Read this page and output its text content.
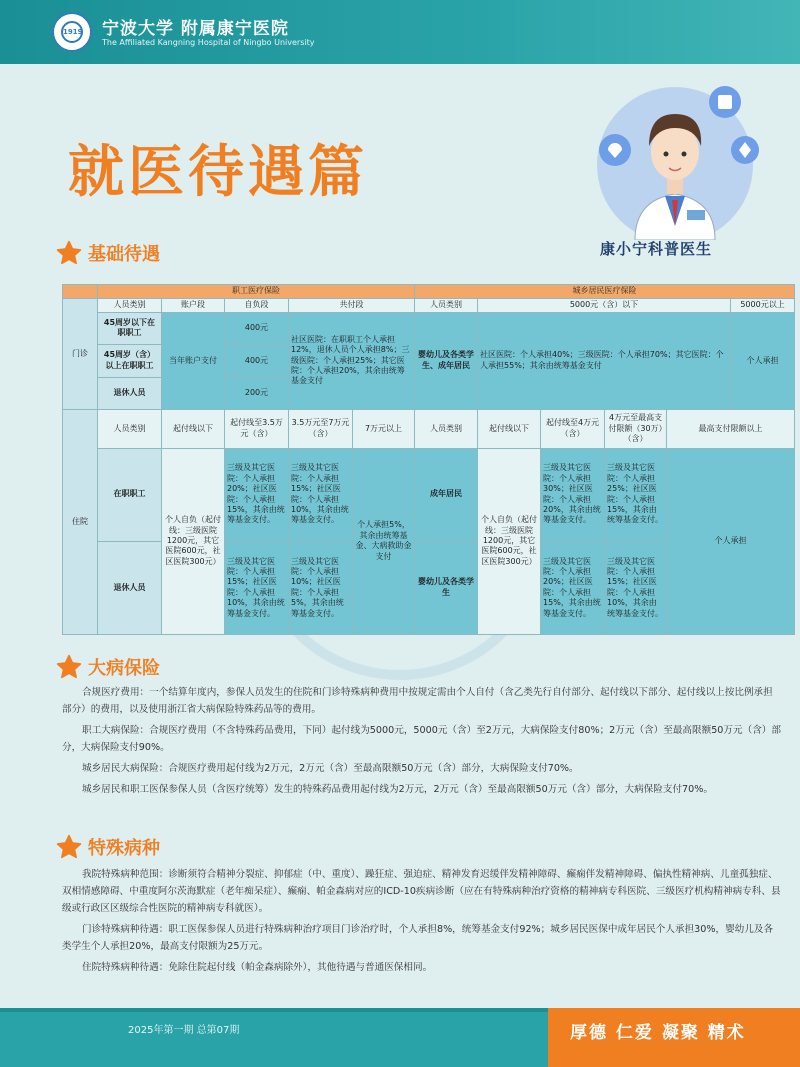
1919 宁波大学 附属康宁医院
The Affiliated Kangning Hospital of Ningbo University
就医待遇篇
康小宁科普医生
基础待遇
	职工医疗保险					城乡居民医疗保险					
门诊	人员类别	账户段	自负段	共付段		人员类别	5000元（含）以下				5000元以上
	45周岁以下在职职工	当年账户支付	400元	社区医院：在职职工个人承担12%，退休人员个人承担8%；三级医院：个人承担25%；其它医院：个人承担20%，其余由统筹基金支付		婴幼儿及各类学生、成年居民	社区医院：个人承担40%；三级医院：个人承担70%；其它医院：个人承担55%；其余由统筹基金支付				个人承担
	45周岁（含）以上在职职工		400元								
	退休人员		200元								
住院	人员类别	起付线以下	起付线至3.5万元（含）	3.5万元至7万元（含）	7万元以上	人员类别	起付线以下	起付线至4万元（含）	4万元至最高支付限额（30万）（含）	最高支付限额以上	
	在职职工	个人自负（起付线：三级医院1200元，其它医院600元，社区医院300元）	三级及其它医院：个人承担20%；社区医院：个人承担15%，其余由统筹基金支付。	三级及其它医院：个人承担15%；社区医院：个人承担10%，其余由统筹基金支付。	个人承担5%，其余由统筹基金、大病救助金支付	成年居民	个人自负（起付线：三级医院1200元，其它医院600元，社区医院300元）	三级及其它医院：个人承担30%；社区医院：个人承担20%，其余由统筹基金支付。	三级及其它医院：个人承担25%；社区医院：个人承担15%，其余由统筹基金支付。	个人承担	
	退休人员		三级及其它医院：个人承担15%；社区医院：个人承担10%，其余由统筹基金支付。	三级及其它医院：个人承担10%；社区医院：个人承担5%，其余由统筹基金支付。		婴幼儿及各类学生		三级及其它医院：个人承担20%；社区医院：个人承担15%，其余由统筹基金支付。	三级及其它医院：个人承担15%；社区医院：个人承担10%，其余由统筹基金支付。		
大病保险

合规医疗费用：一个结算年度内，参保人员发生的住院和门诊特殊病种费用中按规定需由个人自付（含乙类先行自付部分、起付线以下部分、起付线以上按比例承担部分）的费用，以及使用浙江省大病保险特殊药品等的费用。

职工大病保险：合规医疗费用（不含特殊药品费用，下同）起付线为5000元，5000元（含）至2万元，大病保险支付80%；2万元（含）至最高限额50万元（含）部分，大病保险支付90%。

城乡居民大病保险：合规医疗费用起付线为2万元，2万元（含）至最高限额50万元（含）部分，大病保险支付70%。

城乡居民和职工医保参保人员（含医疗统筹）发生的特殊药品费用起付线为2万元，2万元（含）至最高限额50万元（含）部分，大病保险支付70%。

特殊病种

我院特殊病种范围：诊断须符合精神分裂症、抑郁症（中、重度）、躁狂症、强迫症、精神发育迟缓伴发精神障碍、癫痫伴发精神障碍、偏执性精神病、儿童孤独症、双相情感障碍、中重度阿尔茨海默症（老年痴呆症）、癫痫、帕金森病对应的ICD-10疾病诊断（应在有特殊病种治疗资格的精神病专科医院、三级医疗机构精神病专科、县级或行政区区级综合性医院的精神病专科就医）。

门诊特殊病种待遇：职工医保参保人员进行特殊病种治疗项目门诊治疗时，个人承担8%，统筹基金支付92%；城乡居民医保中成年居民个人承担30%，婴幼儿及各类学生个人承担20%，最高支付限额为25万元。

住院特殊病种待遇：免除住院起付线（帕金森病除外），其他待遇与普通医保相同。

2025年第一期 总第07期	厚德 仁爱 凝聚 精术
